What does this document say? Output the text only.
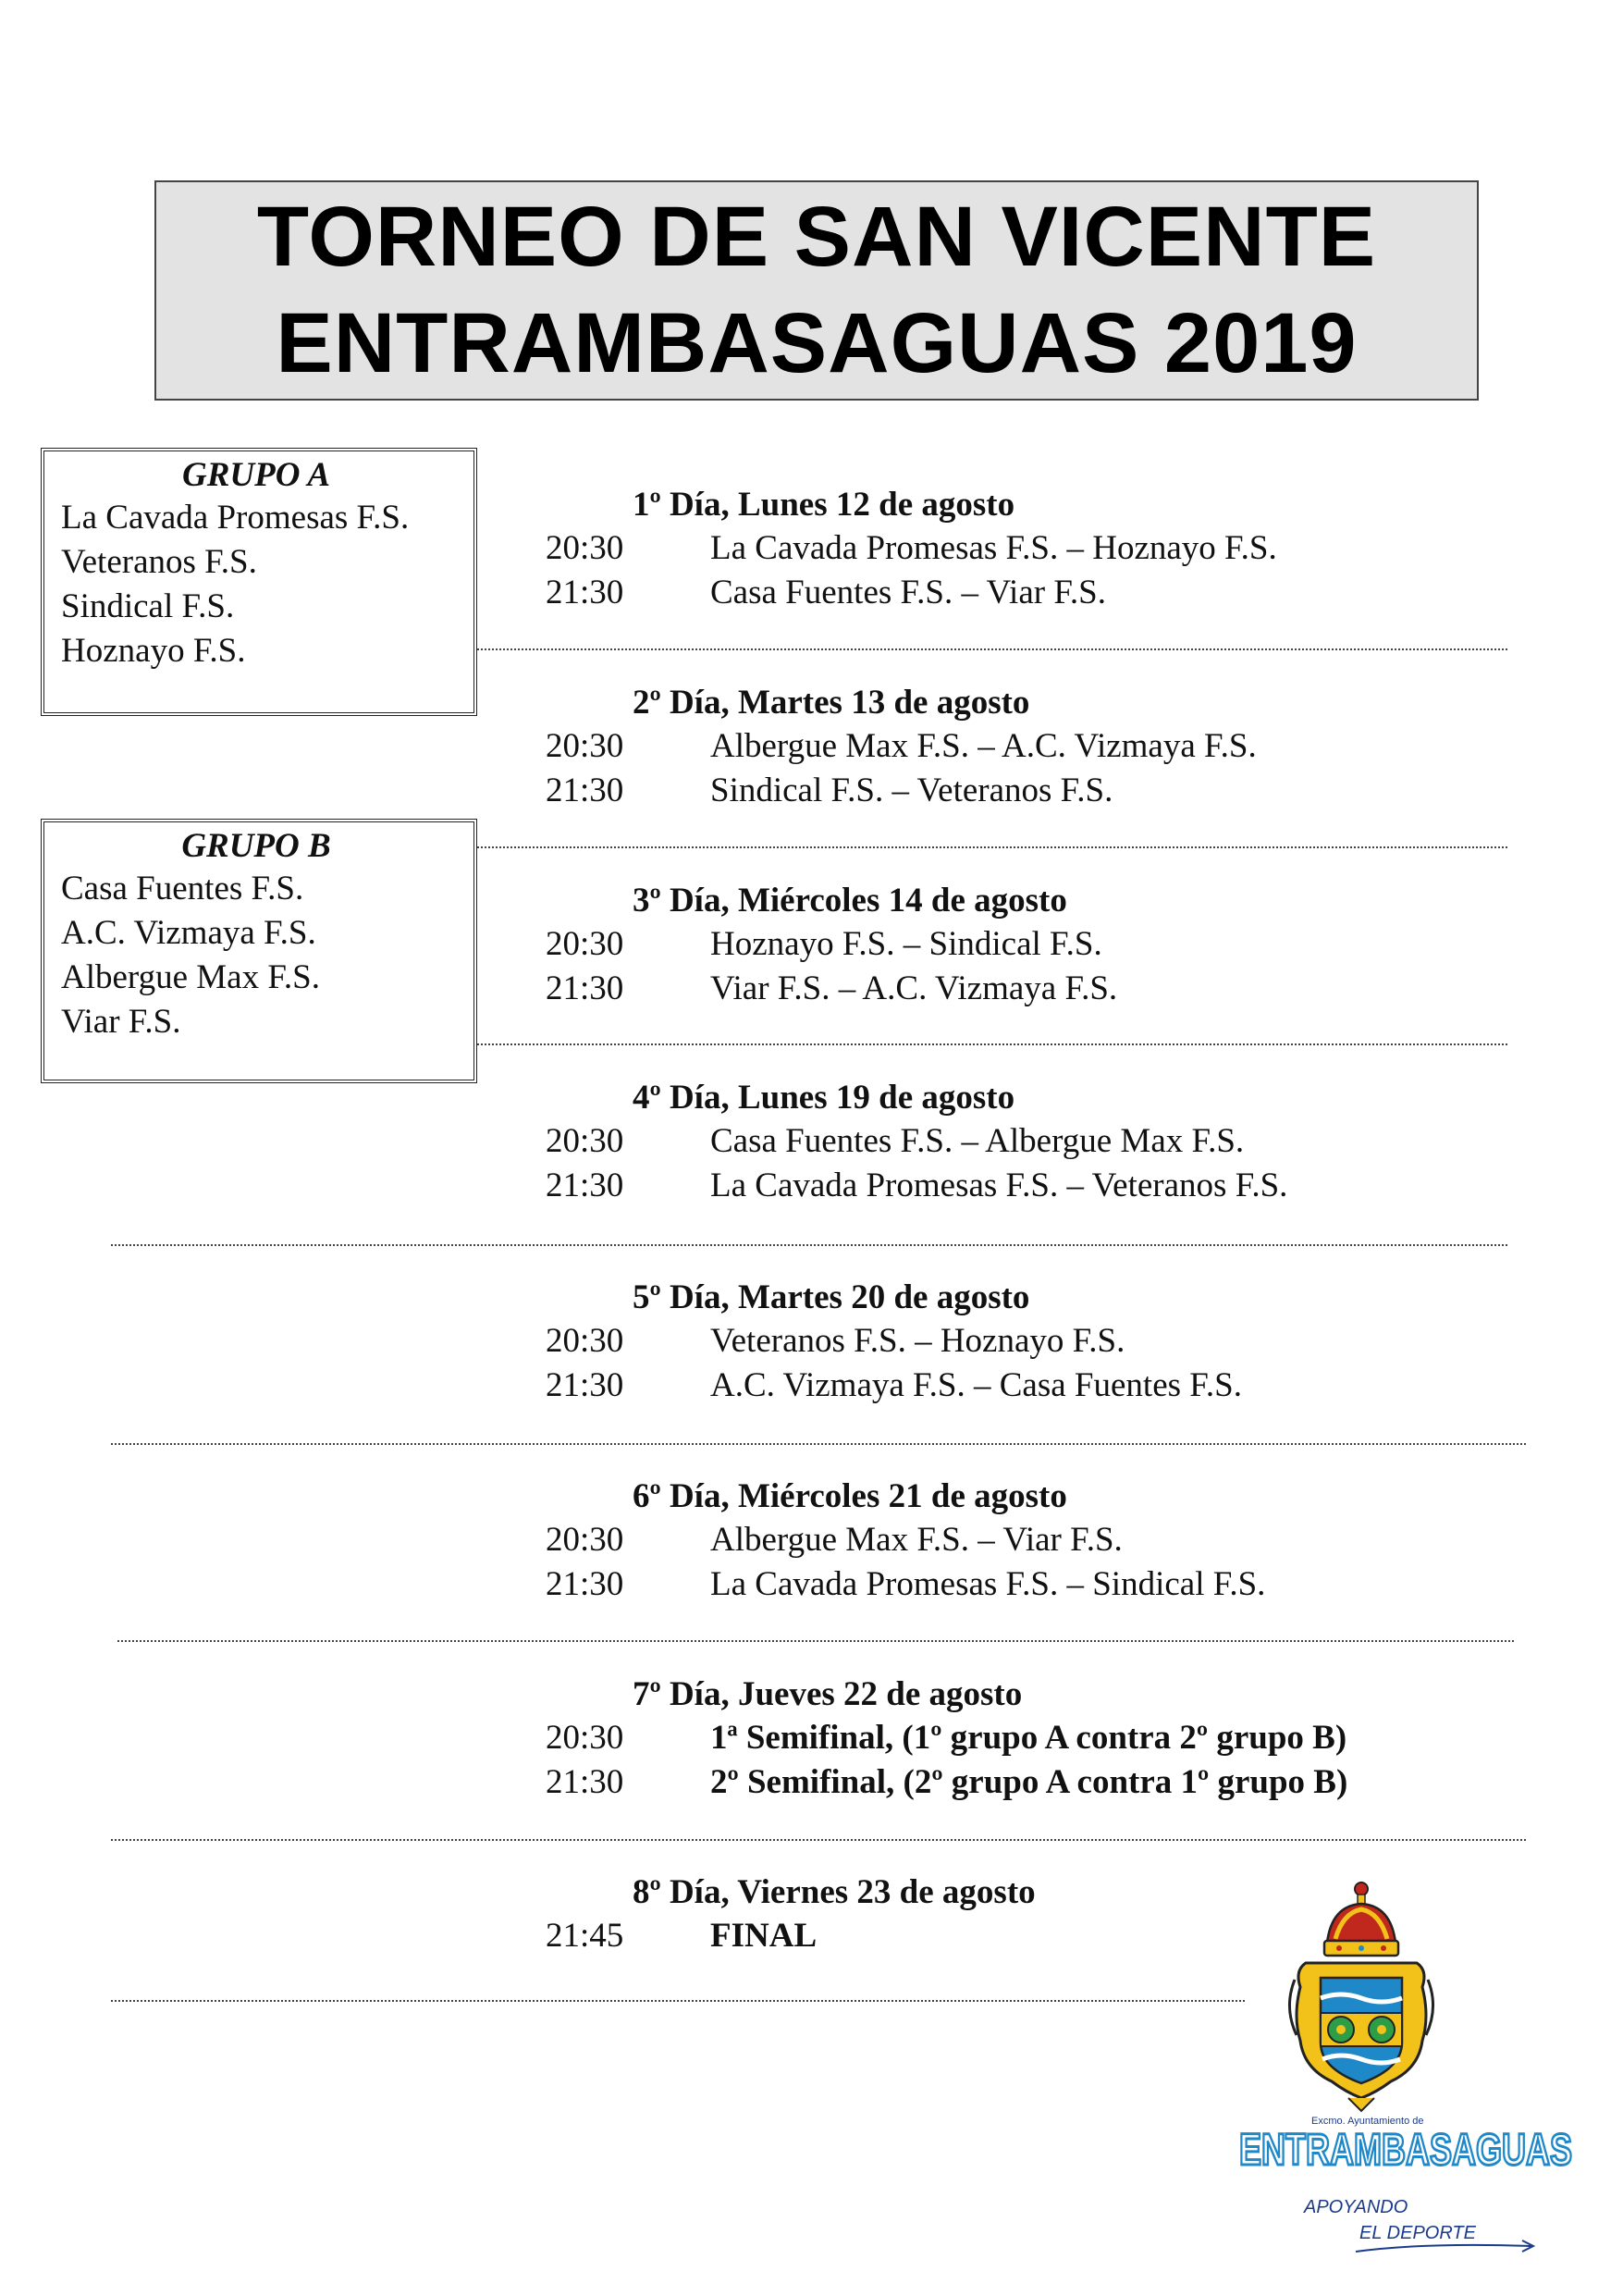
TORNEO DE SAN VICENTE
ENTRAMBASAGUAS 2019
GRUPO A
La Cavada Promesas F.S.
Veteranos F.S.
Sindical F.S.
Hoznayo F.S.
GRUPO B
Casa Fuentes F.S.
A.C. Vizmaya F.S.
Albergue Max F.S.
Viar F.S.
1º Día, Lunes 12 de agosto
20:30	La Cavada Promesas F.S. – Hoznayo F.S.
21:30	Casa Fuentes F.S. – Viar F.S.
2º Día, Martes 13 de agosto
20:30	Albergue Max F.S. – A.C. Vizmaya F.S.
21:30	Sindical F.S. – Veteranos F.S.
3º Día, Miércoles 14 de agosto
20:30	Hoznayo F.S. – Sindical F.S.
21:30	Viar F.S. – A.C. Vizmaya F.S.
4º Día, Lunes 19 de agosto
20:30	Casa Fuentes F.S. – Albergue Max F.S.
21:30	La Cavada Promesas F.S. – Veteranos F.S.
5º Día, Martes 20 de agosto
20:30	Veteranos F.S. – Hoznayo F.S.
21:30	A.C. Vizmaya F.S. – Casa Fuentes F.S.
6º Día, Miércoles 21 de agosto
20:30	Albergue Max F.S. – Viar F.S.
21:30	La Cavada Promesas F.S. – Sindical F.S.
7º Día, Jueves 22 de agosto
20:30	1ª Semifinal, (1º grupo A contra 2º grupo B)
21:30	2º Semifinal, (2º grupo A contra 1º grupo B)
8º Día, Viernes 23 de agosto
21:45	FINAL
Excmo. Ayuntamiento de
ENTRAMBASAGUAS
APOYANDO
EL DEPORTE
